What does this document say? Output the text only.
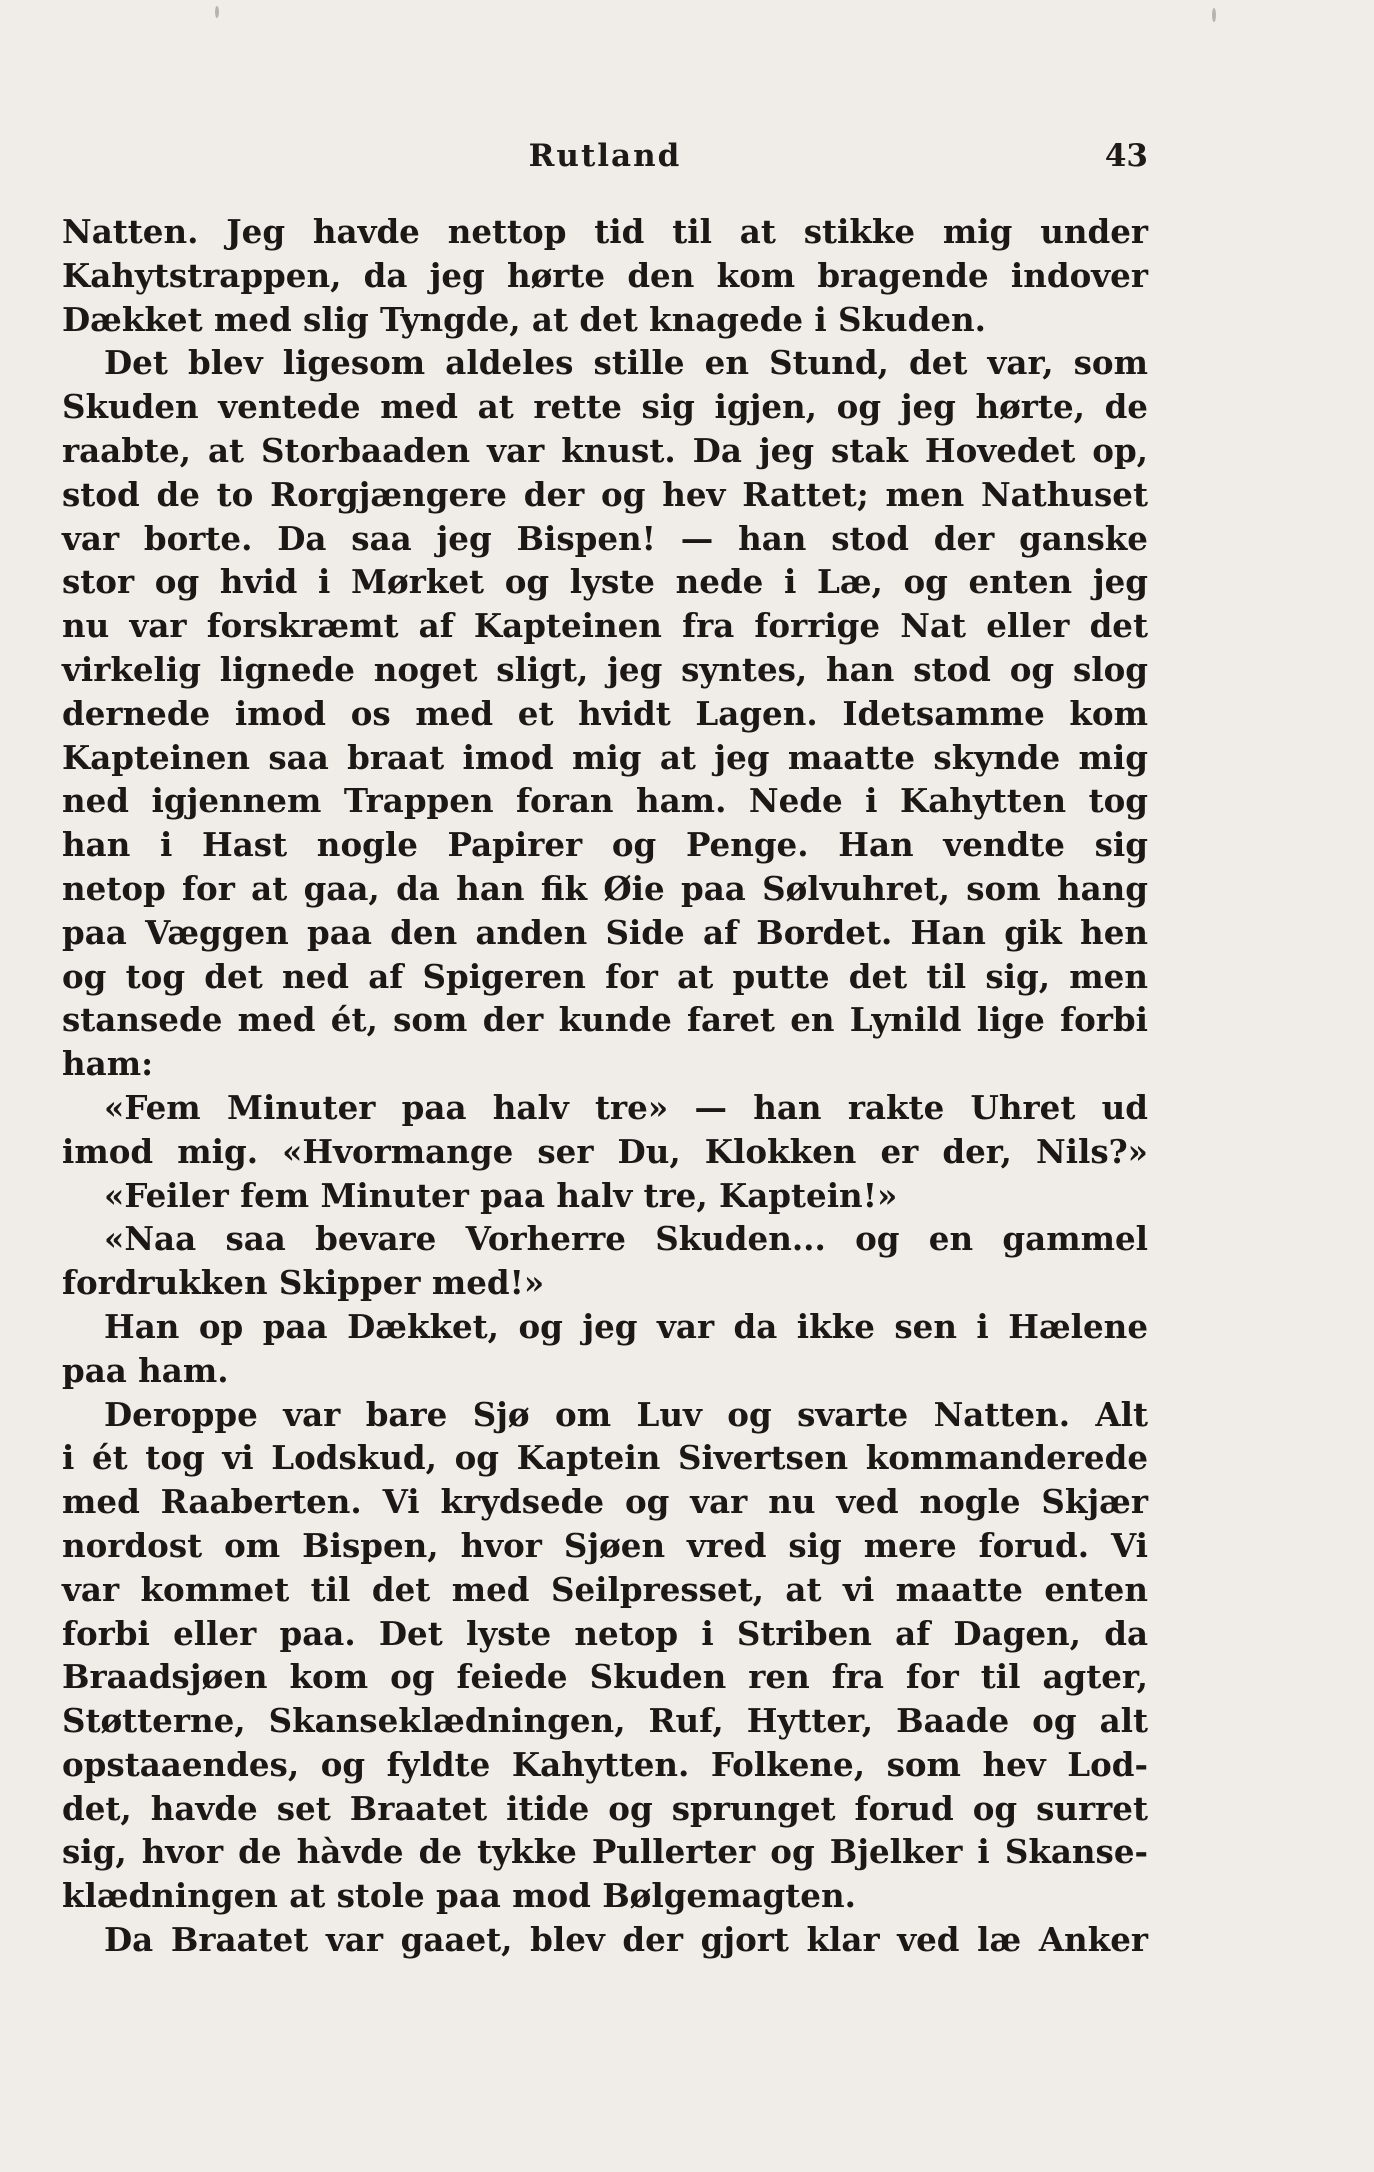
Rutland	43
Natten. Jeg havde nettop tid til at stikke mig under
Kahytstrappen, da jeg hørte den kom bragende indover
Dækket med slig Tyngde, at det knagede i Skuden.
Det blev ligesom aldeles stille en Stund, det var, som
Skuden ventede med at rette sig igjen, og jeg hørte, de
raabte, at Storbaaden var knust. Da jeg stak Hovedet op,
stod de to Rorgjængere der og hev Rattet; men Nathuset
var borte. Da saa jeg Bispen! — han stod der ganske
stor og hvid i Mørket og lyste nede i Læ, og enten jeg
nu var forskræmt af Kapteinen fra forrige Nat eller det
virkelig lignede noget sligt, jeg syntes, han stod og slog
dernede imod os med et hvidt Lagen. Idetsamme kom
Kapteinen saa braat imod mig at jeg maatte skynde mig
ned igjennem Trappen foran ham. Nede i Kahytten tog
han i Hast nogle Papirer og Penge. Han vendte sig
netop for at gaa, da han fik Øie paa Sølvuhret, som hang
paa Væggen paa den anden Side af Bordet. Han gik hen
og tog det ned af Spigeren for at putte det til sig, men
stansede med ét, som der kunde faret en Lynild lige forbi
ham:
«Fem Minuter paa halv tre» — han rakte Uhret ud
imod mig. «Hvormange ser Du, Klokken er der, Nils?»
«Feiler fem Minuter paa halv tre, Kaptein!»
«Naa saa bevare Vorherre Skuden... og en gammel
fordrukken Skipper med!»
Han op paa Dækket, og jeg var da ikke sen i Hælene
paa ham.
Deroppe var bare Sjø om Luv og svarte Natten. Alt
i ét tog vi Lodskud, og Kaptein Sivertsen kommanderede
med Raaberten. Vi krydsede og var nu ved nogle Skjær
nordost om Bispen, hvor Sjøen vred sig mere forud. Vi
var kommet til det med Seilpresset, at vi maatte enten
forbi eller paa. Det lyste netop i Striben af Dagen, da
Braadsjøen kom og feiede Skuden ren fra for til agter,
Støtterne, Skanseklædningen, Ruf, Hytter, Baade og alt
opstaaendes, og fyldte Kahytten. Folkene, som hev Lod-
det, havde set Braatet itide og sprunget forud og surret
sig, hvor de hàvde de tykke Pullerter og Bjelker i Skanse-
klædningen at stole paa mod Bølgemagten.
Da Braatet var gaaet, blev der gjort klar ved læ Anker
